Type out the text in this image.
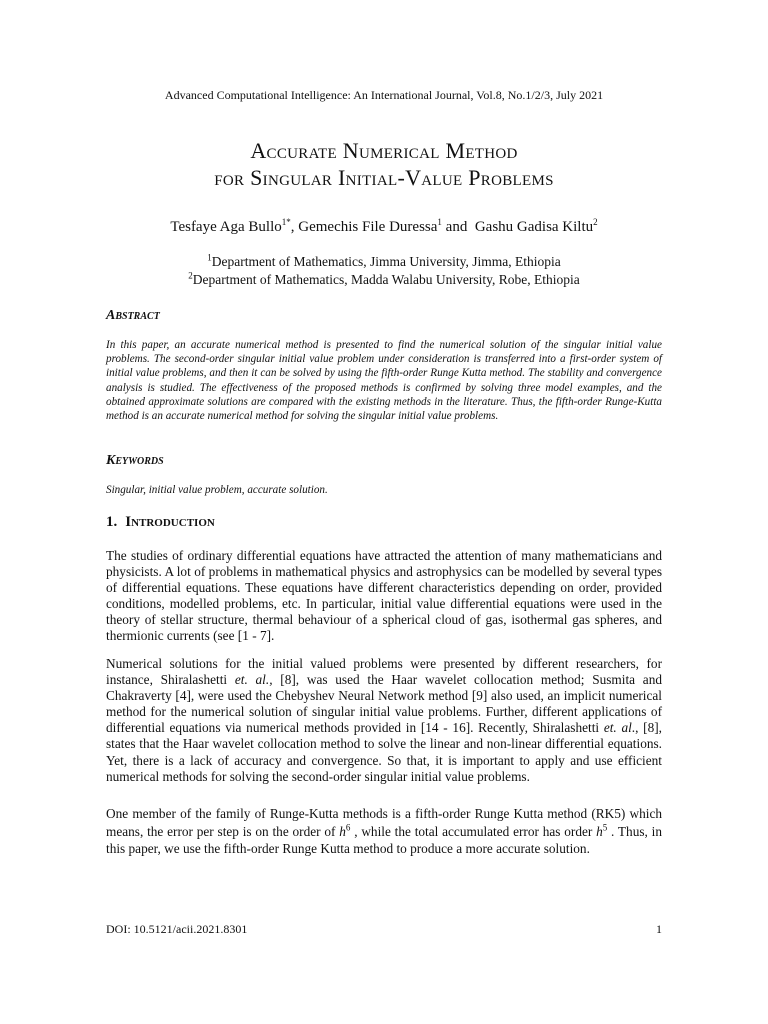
Advanced Computational Intelligence: An International Journal, Vol.8, No.1/2/3, July 2021
Accurate Numerical Method
for Singular Initial-Value Problems
Tesfaye Aga Bullo$^{1*}$, Gemechis File Duressa$^1$ and  Gashu Gadisa Kiltu$^2$
$^1$Department of Mathematics, Jimma University, Jimma, Ethiopia
$^2$Department of Mathematics, Madda Walabu University, Robe, Ethiopia
Abstract

In this paper, an accurate numerical method is presented to find the numerical solution of the singular initial value problems. The second-order singular initial value problem under consideration is transferred into a first-order system of initial value problems, and then it can be solved by using the fifth-order Runge Kutta method. The stability and convergence analysis is studied. The effectiveness of the proposed methods is confirmed by solving three model examples, and the obtained approximate solutions are compared with the existing methods in the literature. Thus, the fifth-order Runge-Kutta method is an accurate numerical method for solving the singular initial value problems.

Keywords
Singular, initial value problem, accurate solution.
1. Introduction

The studies of ordinary differential equations have attracted the attention of many mathematicians and physicists. A lot of problems in mathematical physics and astrophysics can be modelled by several types of differential equations. These equations have different characteristics depending on order, provided conditions, modelled problems, etc. In particular, initial value differential equations were used in the theory of stellar structure, thermal behaviour of a spherical cloud of gas, isothermal gas spheres, and thermionic currents (see [1 - 7].

Numerical solutions for the initial valued problems were presented by different researchers, for instance, Shiralashetti et. al., [8], was used the Haar wavelet collocation method; Susmita and Chakraverty [4], were used the Chebyshev Neural Network method [9] also used, an implicit numerical method for the numerical solution of singular initial value problems. Further, different applications of differential equations via numerical methods provided in [14 - 16]. Recently, Shiralashetti et. al., [8], states that the Haar wavelet collocation method to solve the linear and non-linear differential equations. Yet, there is a lack of accuracy and convergence. So that, it is important to apply and use efficient numerical methods for solving the second-order singular initial value problems.

One member of the family of Runge-Kutta methods is a fifth-order Runge Kutta method (RK5) which means, the error per step is on the order of $h^6$ , while the total accumulated error has order $h^5$ . Thus, in this paper, we use the fifth-order Runge Kutta method to produce a more accurate solution.

DOI: 10.5121/acii.2021.8301	1
